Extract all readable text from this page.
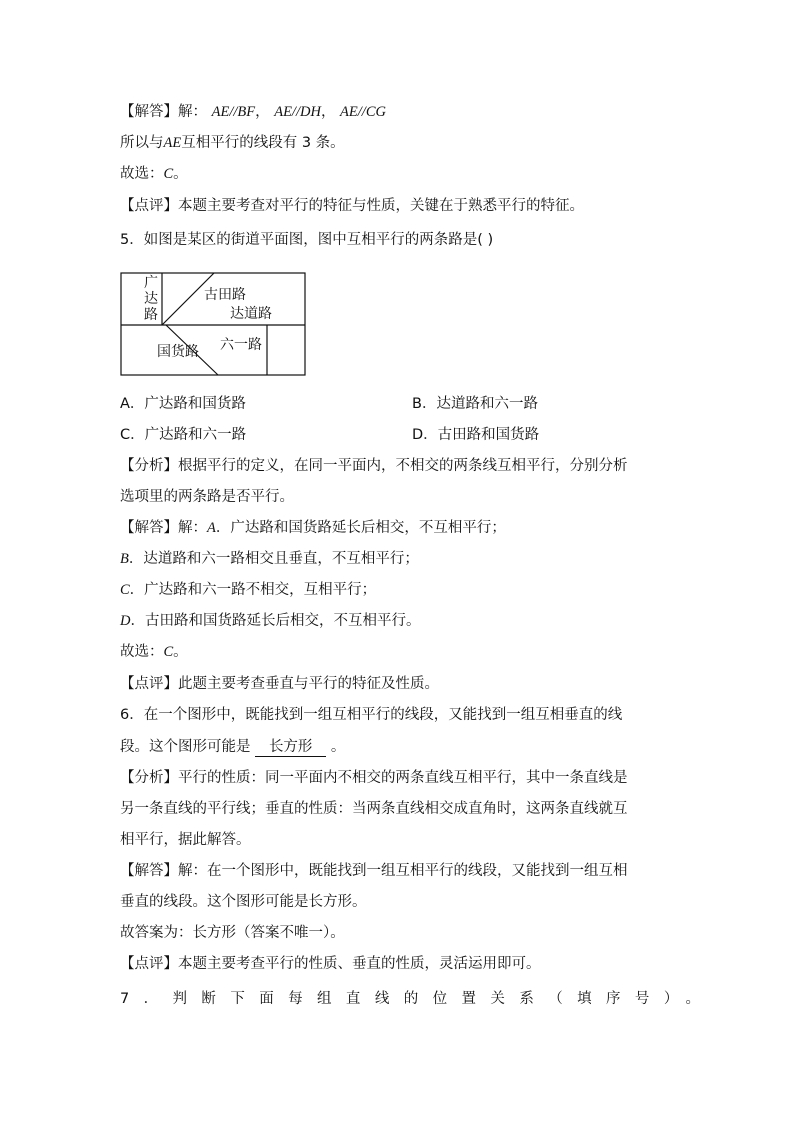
【解答】解： AE//BF， AE//DH， AE//CG
所以与AE互相平行的线段有 3 条。
故选：C。
【点评】本题主要考查对平行的特征与性质，关键在于熟悉平行的特征。
5．如图是某区的街道平面图，图中互相平行的两条路是( )
广
达
路
古田路
达道路
六一路
国货路
A．广达路和国货路	B．达道路和六一路
C．广达路和六一路	D．古田路和国货路
【分析】根据平行的定义，在同一平面内，不相交的两条线互相平行，分别分析
选项里的两条路是否平行。
【解答】解：A．广达路和国货路延长后相交，不互相平行；
B．达道路和六一路相交且垂直，不互相平行；
C．广达路和六一路不相交，互相平行；
D．古田路和国货路延长后相交，不互相平行。
故选：C。
【点评】此题主要考查垂直与平行的特征及性质。
6．在一个图形中，既能找到一组互相平行的线段，又能找到一组互相垂直的线
段。这个图形可能是 长方形 。
【分析】平行的性质：同一平面内不相交的两条直线互相平行，其中一条直线是
另一条直线的平行线；垂直的性质：当两条直线相交成直角时，这两条直线就互
相平行，据此解答。
【解答】解：在一个图形中，既能找到一组互相平行的线段，又能找到一组互相
垂直的线段。这个图形可能是长方形。
故答案为：长方形（答案不唯一）。
【点评】本题主要考查平行的性质、垂直的性质，灵活运用即可。
7．判断下面每组直线的位置关系（填序号）。
